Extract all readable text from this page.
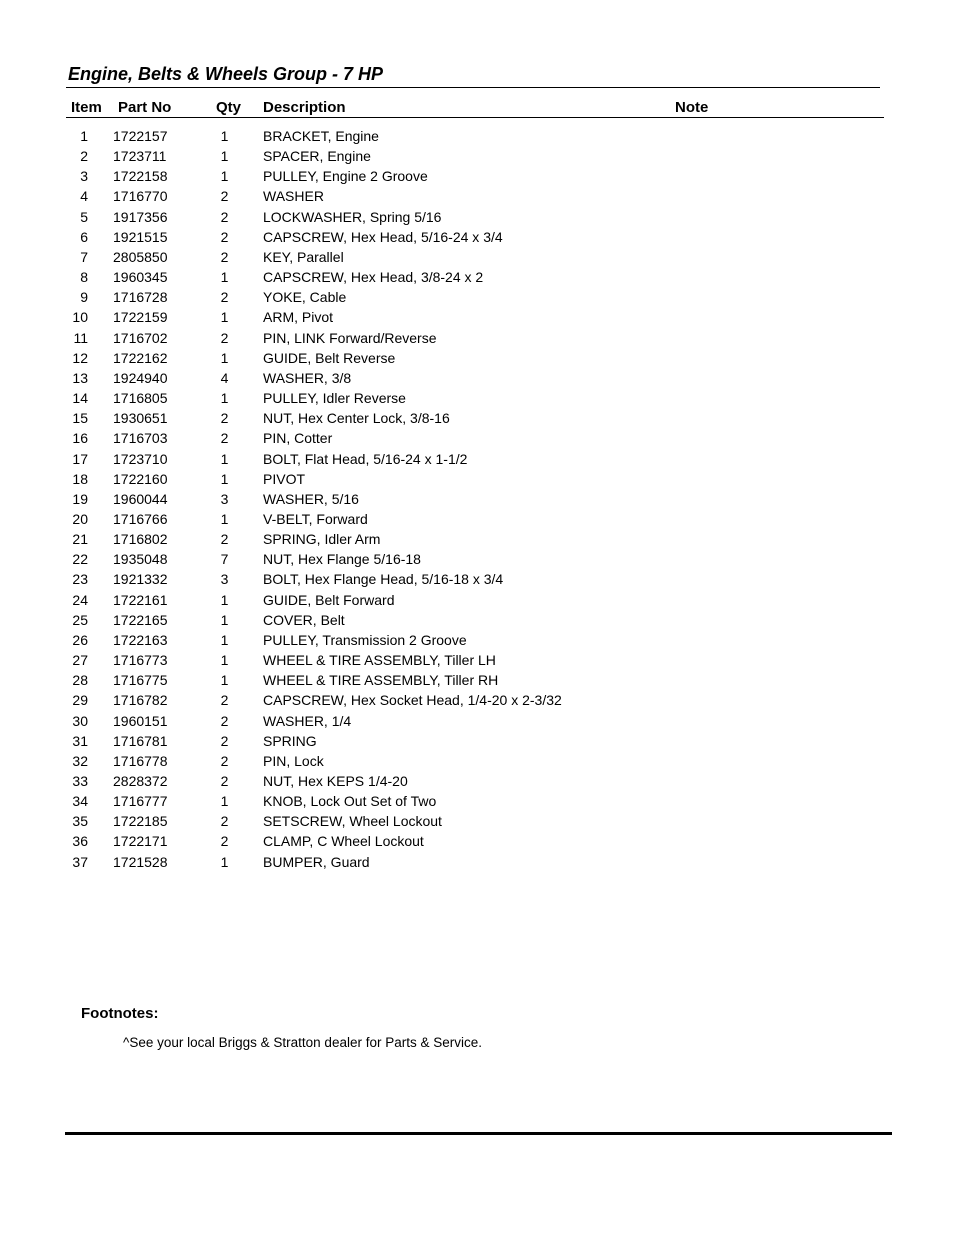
Engine, Belts & Wheels Group - 7 HP
Item Part No	Qty Description	Note
1 1722157	1	BRACKET, Engine
2 1723711	1	SPACER, Engine
3 1722158	1	PULLEY, Engine 2 Groove
4 1716770	2	WASHER
5 1917356	2	LOCKWASHER, Spring 5/16
6 1921515	2	CAPSCREW, Hex Head, 5/16-24 x 3/4
7 2805850	2	KEY, Parallel
8 1960345	1	CAPSCREW, Hex Head, 3/8-24 x 2
9 1716728	2	YOKE, Cable
10 1722159	1	ARM, Pivot
11 1716702	2	PIN, LINK Forward/Reverse
12 1722162	1	GUIDE, Belt Reverse
13 1924940	4	WASHER, 3/8
14 1716805	1	PULLEY, Idler Reverse
15 1930651	2	NUT, Hex Center Lock, 3/8-16
16 1716703	2	PIN, Cotter
17 1723710	1	BOLT, Flat Head, 5/16-24 x 1-1/2
18 1722160	1	PIVOT
19 1960044	3	WASHER, 5/16
20 1716766	1	V-BELT, Forward
21 1716802	2	SPRING, Idler Arm
22 1935048	7	NUT, Hex Flange 5/16-18
23 1921332	3	BOLT, Hex Flange Head, 5/16-18 x 3/4
24 1722161	1	GUIDE, Belt Forward
25 1722165	1	COVER, Belt
26 1722163	1	PULLEY, Transmission 2 Groove
27 1716773	1	WHEEL & TIRE ASSEMBLY, Tiller LH
28 1716775	1	WHEEL & TIRE ASSEMBLY, Tiller RH
29 1716782	2	CAPSCREW, Hex Socket Head, 1/4-20 x 2-3/32
30 1960151	2	WASHER, 1/4
31 1716781	2	SPRING
32 1716778	2	PIN, Lock
33 2828372	2	NUT, Hex KEPS 1/4-20
34 1716777	1	KNOB, Lock Out Set of Two
35 1722185	2	SETSCREW, Wheel Lockout
36 1722171	2	CLAMP, C Wheel Lockout
37 1721528	1	BUMPER, Guard
Footnotes:
^See your local Briggs & Stratton dealer for Parts & Service.
